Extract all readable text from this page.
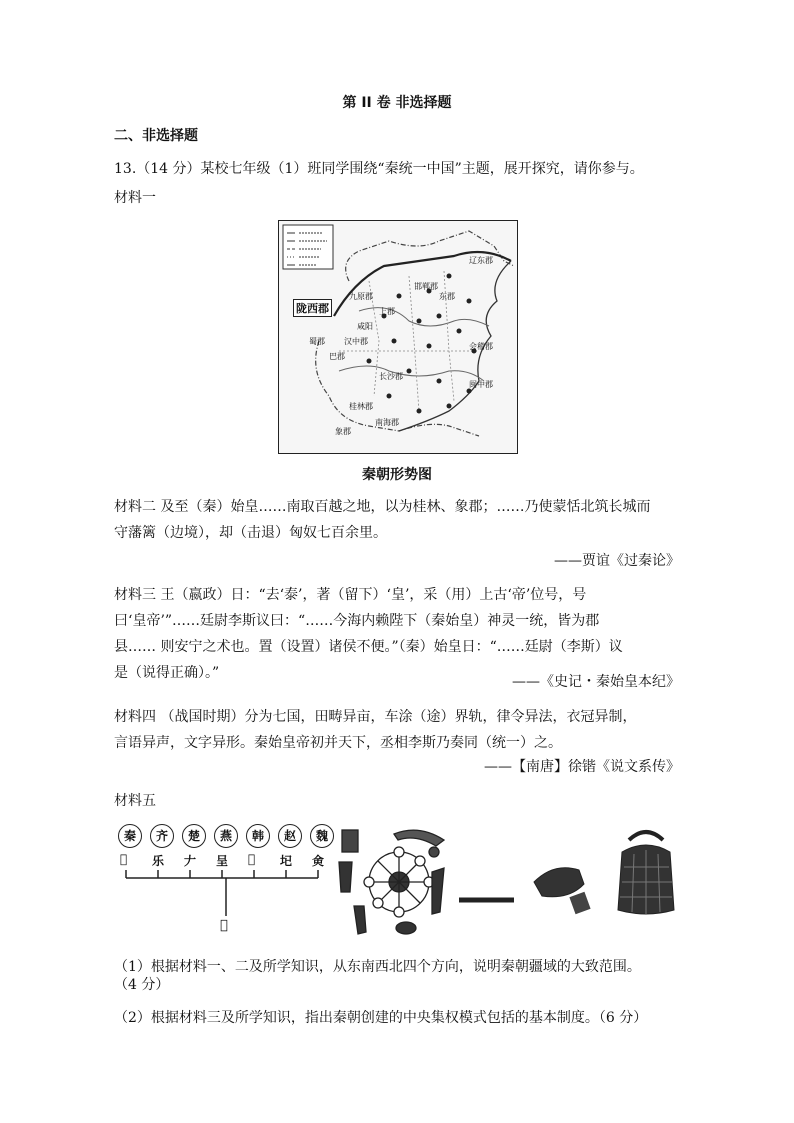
第 II 卷 非选择题
二、非选择题
13.（14 分）某校七年级（1）班同学围绕“秦统一中国”主题，展开探究，请你参与。
材料一
陇西郡
咸阳
会稽郡
南海郡
辽东郡
象郡
桂林郡
九原郡
上郡
汉中郡
巴郡
蜀郡
长沙郡
闽中郡
邯郸郡
东郡
秦朝形势图
材料二 及至（秦）始皇……南取百越之地，以为桂林、象郡；……乃使蒙恬北筑长城而
守藩篱（边境），却（击退）匈奴七百余里。
——贾谊《过秦论》
材料三 王（嬴政）日：“去‘泰’，著（留下）‘皇’，采（用）上古‘帝’位号，号
曰‘皇帝’”……廷尉李斯议曰：“……今海内赖陛下（秦始皇）神灵一统，皆为郡
县…… 则安宁之术也。置（设置）诸侯不便。”（秦）始皇日：“……廷尉（李斯）议
是（说得正确）。”
——《史记・秦始皇本纪》
材料四 （战国时期）分为七国，田畴异亩，车涂（途）界轨，律令异法，衣冠异制，
言语异声，文字异形。秦始皇帝初并天下，丞相李斯乃奏同（统一）之。
——【南唐】徐锴《说文系传》
材料五
秦	齐	楚	燕	韩	赵	魏
𥝰 乐 𠂇 呈 𠱽 𡉏 㑒
𥝰
（1）根据材料一、二及所学知识，从东南西北四个方向，说明秦朝疆域的大致范围。
（4 分）
（2）根据材料三及所学知识，指出秦朝创建的中央集权模式包括的基本制度。（6 分）
